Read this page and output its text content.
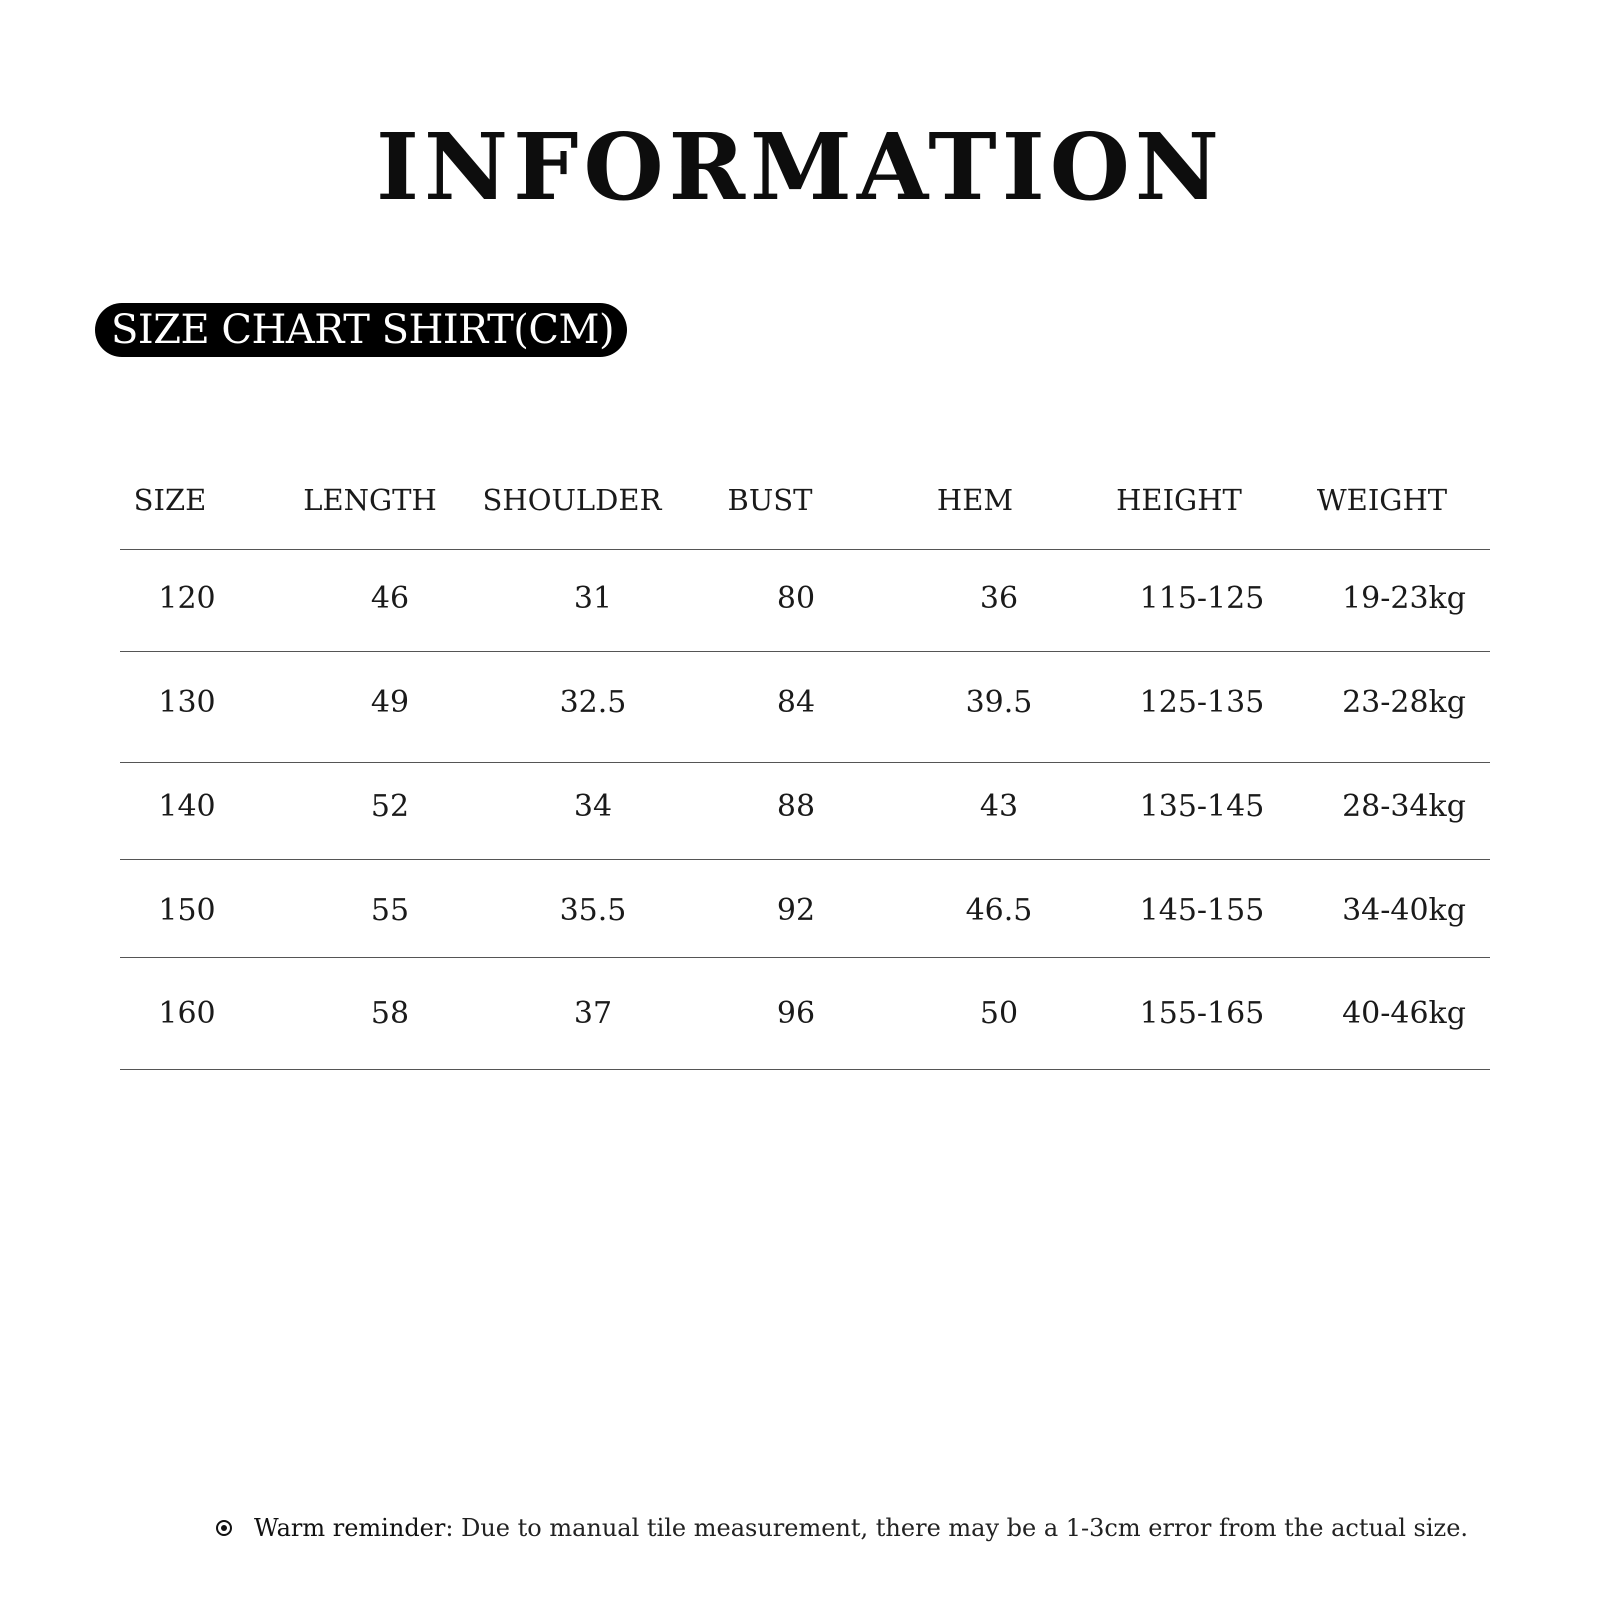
INFORMATION
SIZE CHART SHIRT(CM)
SIZE	LENGTH	SHOULDER	BUST	HEM	HEIGHT	WEIGHT
120	46	31	80	36	115-125	19-23kg
130	49	32.5	84	39.5	125-135	23-28kg
140	52	34	88	43	135-145	28-34kg
150	55	35.5	92	46.5	145-155	34-40kg
160	58	37	96	50	155-165	40-46kg
Warm reminder: Due to manual tile measurement, there may be a 1-3cm error from the actual size.
